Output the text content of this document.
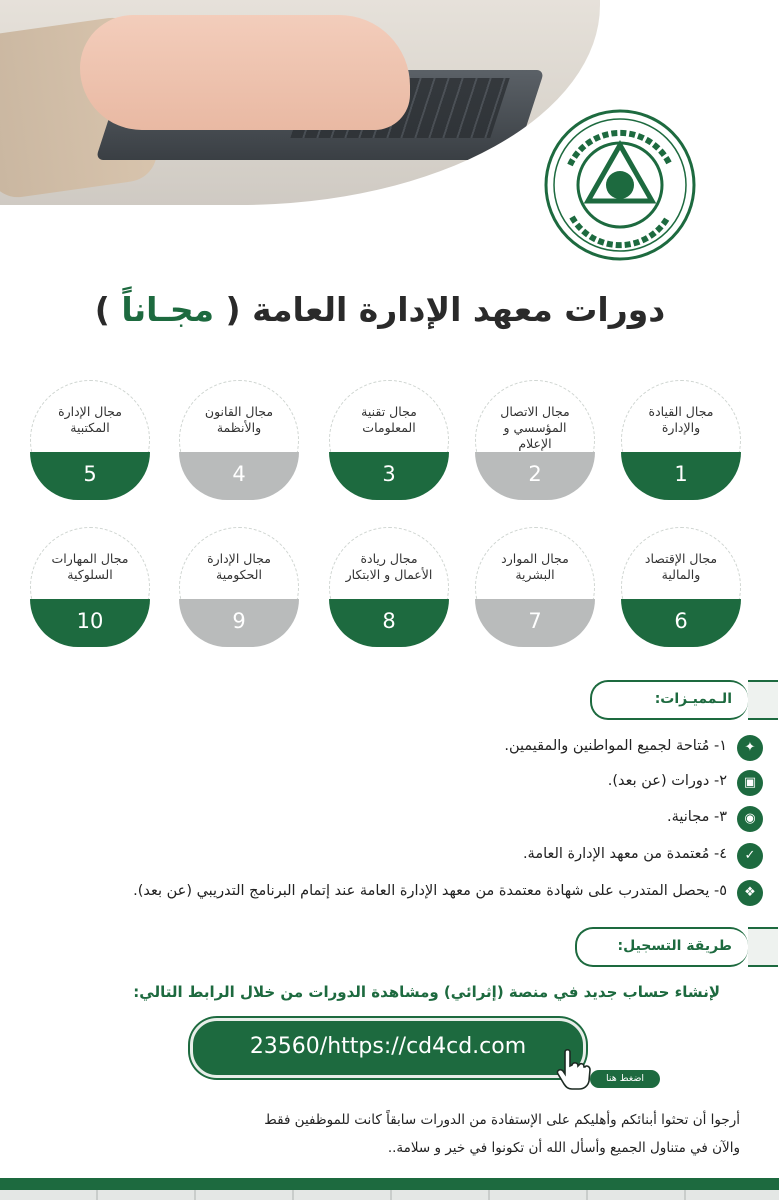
دورات معهد الإدارة العامة ( مجـاناً )
مجال القيادة والإدارة
1
مجال الاتصال المؤسسي و الإعلام
2
مجال تقنية المعلومات
3
مجال القانون والأنظمة
4
مجال الإدارة المكتبية
5
مجال الإقتصاد والمالية
6
مجال الموارد البشرية
7
مجال ريادة الأعمال و الابتكار
8
مجال الإدارة الحكومية
9
مجال المهارات السلوكية
10
الـمميـزات:
✦
١- مُتاحة لجميع المواطنين والمقيمين.
▣
٢- دورات (عن بعد).
◉
٣- مجانية.
✓
٤- مُعتمدة من معهد الإدارة العامة.
❖
٥- يحصل المتدرب على شهادة معتمدة من معهد الإدارة العامة عند إتمام البرنامج التدريبي (عن بعد).
طريقة التسجيل:
لإنشاء حساب جديد في منصة (إثرائي) ومشاهدة الدورات من خلال الرابط التالي:
23560/https://cd4cd.com
اضغط هنا
أرجوا أن تحثوا أبنائكم وأهليكم على الإستفادة من الدورات سابقاً كانت للموظفين فقط
والآن في متناول الجميع وأسأل الله أن تكونوا في خير و سلامة..
